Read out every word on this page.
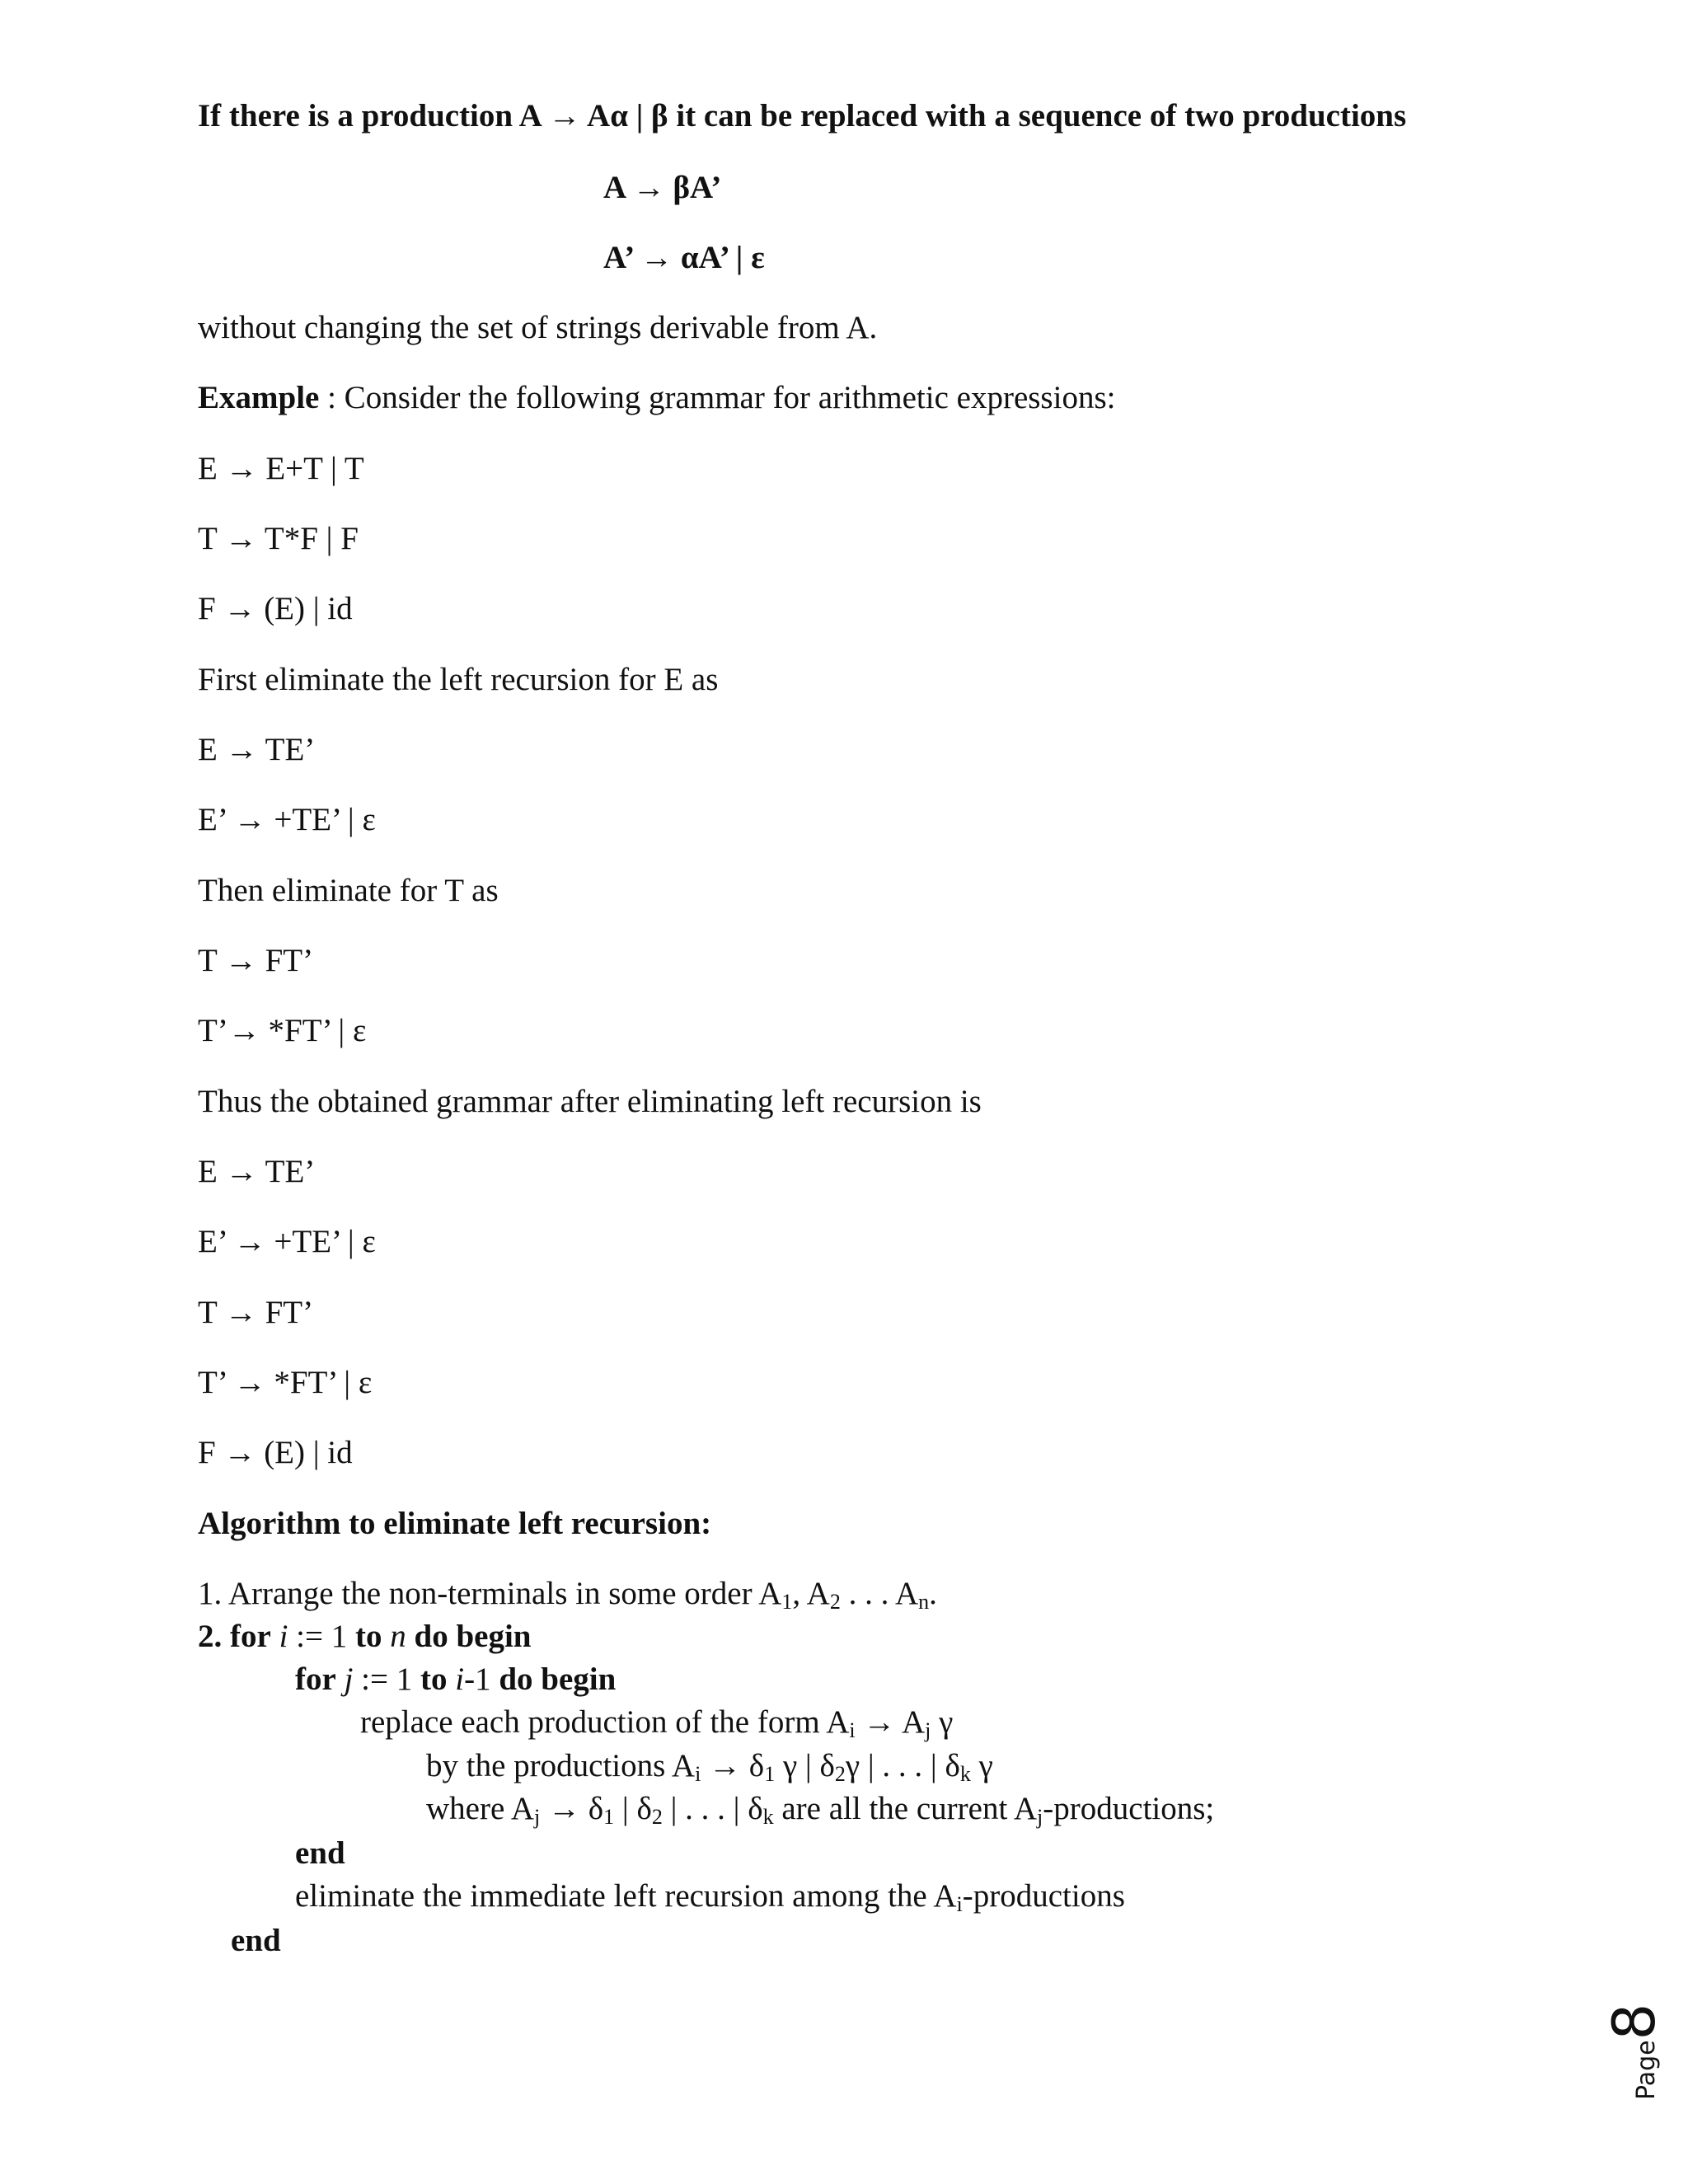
If there is a production A → Aα | β it can be replaced with a sequence of two productions
A → βA’
A’ → αA’ | ε
without changing the set of strings derivable from A.
Example : Consider the following grammar for arithmetic expressions:
E → E+T | T
T → T*F | F
F → (E) | id
First eliminate the left recursion for E as
E → TE’
E’ → +TE’ | ε
Then eliminate for T as
T → FT’
T’→ *FT’ | ε
Thus the obtained grammar after eliminating left recursion is
E → TE’
E’ → +TE’ | ε
T → FT’
T’ → *FT’ | ε
F → (E) | id
Algorithm to eliminate left recursion:
1. Arrange the non-terminals in some order $A_1$, $A_2$ . . . $A_n$.
2. for i := 1 to n do begin
for j := 1 to i-1 do begin
replace each production of the form $A_i \to A_j$ γ
by the productions $A_i \to \delta_1$ γ | $\delta_2\gamma$ | . . . | $\delta_k$ γ
where $A_j \to \delta_1$ | $\delta_2$ | . . . | $\delta_k$ are all the current $A_j$-productions;
end
eliminate the immediate left recursion among the $A_i$-productions
end
Page8
